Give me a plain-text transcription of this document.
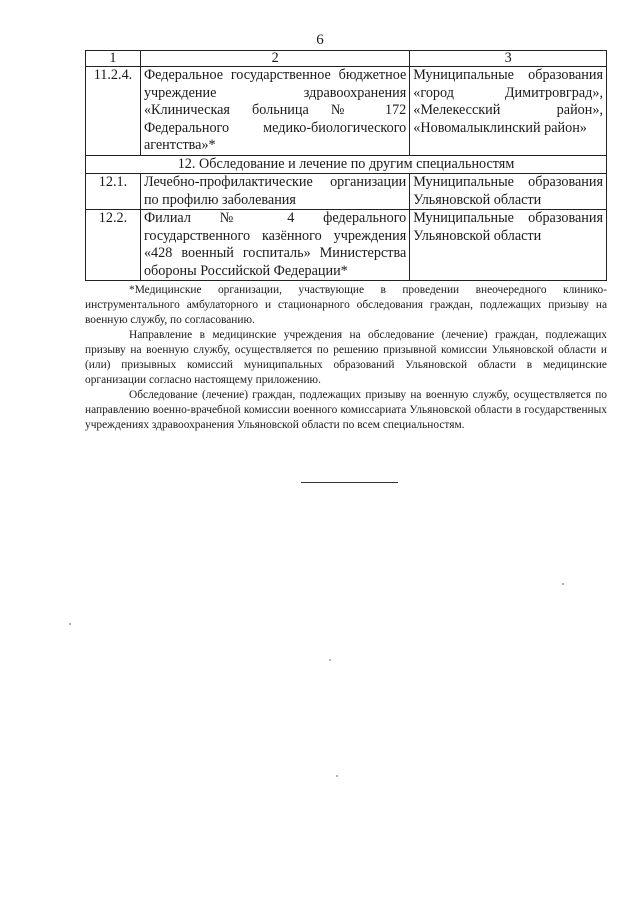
6
1	2	3
11.2.4.	Федеральное государственное бюджетное учреждение здравоохранения «Клиническая больница № 172 Федерального медико-биологического агентства»*	Муниципальные образования «город Димитровград», «Мелекесский район», «Новомалыклинский район»
12. Обследование и лечение по другим специальностям		
12.1.	Лечебно-профилактические организации по профилю заболевания	Муниципальные образования Ульяновской области
12.2.	Филиал № 4 федерального государственного казённого учреждения «428 военный госпиталь» Министерства обороны Российской Федерации*	Муниципальные образования Ульяновской области

*Медицинские организации, участвующие в проведении внеочередного клинико-инструментального амбулаторного и стационарного обследования граждан, подлежащих призыву на военную службу, по согласованию.

Направление в медицинские учреждения на обследование (лечение) граждан, подлежащих призыву на военную службу, осуществляется по решению призывной комиссии Ульяновской области и (или) призывных комиссий муниципальных образований Ульяновской области в медицинские организации согласно настоящему приложению.

Обследование (лечение) граждан, подлежащих призыву на военную службу, осуществляется по направлению военно-врачебной комиссии военного комиссариата Ульяновской области в государственных учреждениях здравоохранения Ульяновской области по всем специальностям.
